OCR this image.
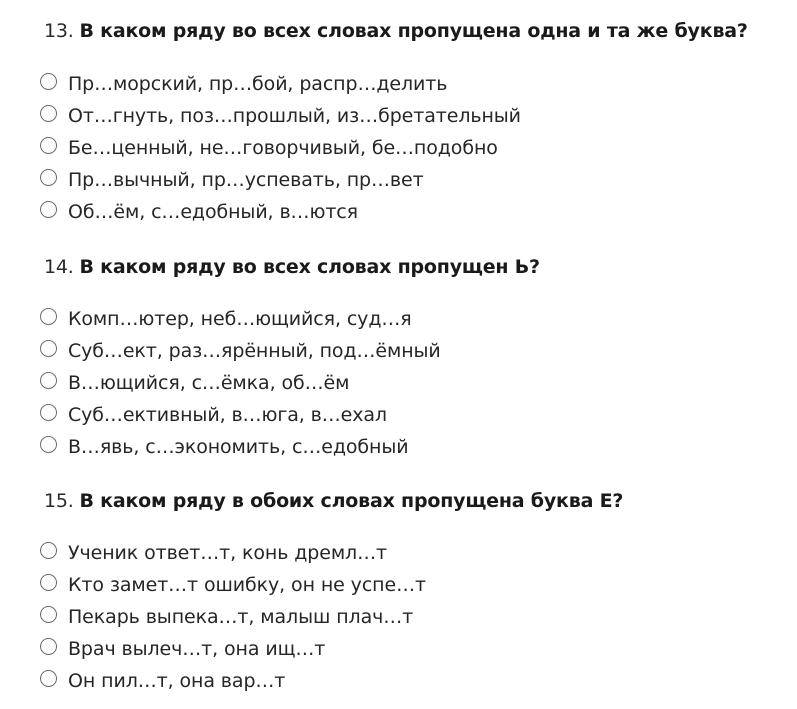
13. В каком ряду во всех словах пропущена одна и та же буква?
Пр…морский, пр…бой, распр…делить
От…гнуть, поз…прошлый, из…бретательный
Бе…ценный, не…говорчивый, бе…подобно
Пр…вычный, пр…успевать, пр…вет
Об…ём, с…едобный, в…ются
14. В каком ряду во всех словах пропущен Ь?
Комп…ютер, неб…ющийся, суд…я
Суб…ект, раз…ярённый, под…ёмный
В…ющийся, с…ёмка, об…ём
Суб…ективный, в…юга, в…ехал
В…явь, с…экономить, с…едобный
15. В каком ряду в обоих словах пропущена буква Е?
Ученик ответ…т, конь дремл…т
Кто замет…т ошибку, он не успе…т
Пекарь выпека…т, малыш плач…т
Врач вылеч…т, она ищ…т
Он пил…т, она вар…т
